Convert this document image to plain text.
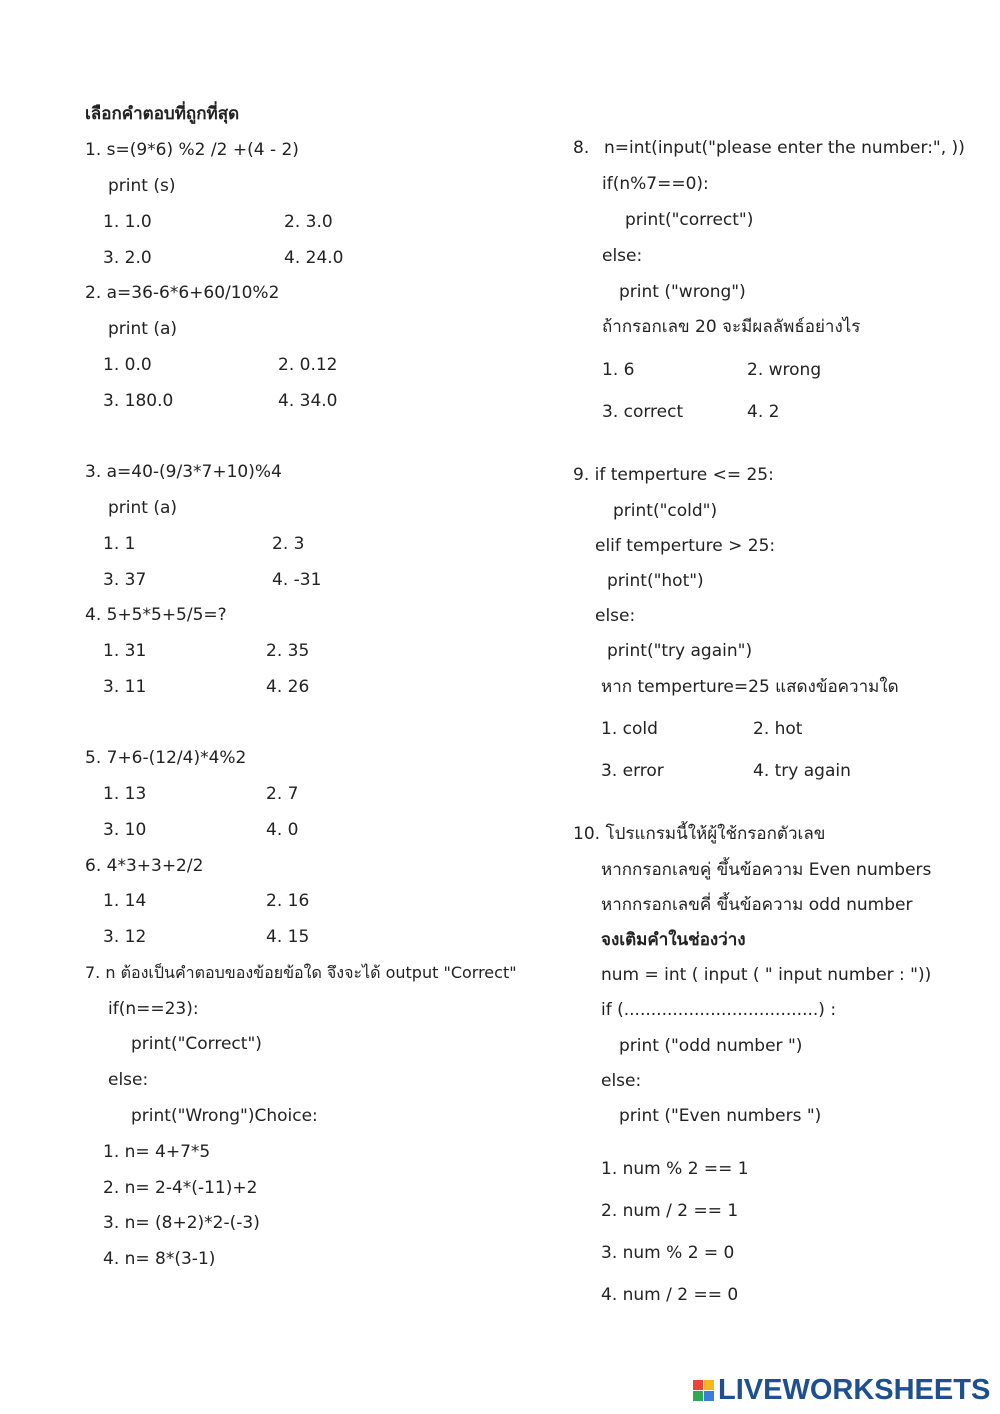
เลือกคำตอบที่ถูกที่สุด
1. s=(9*6) %2 /2 +(4 - 2)
print (s)
1. 1.0	2. 3.0
3. 2.0	4. 24.0
2. a=36-6*6+60/10%2
print (a)
1. 0.0	2. 0.12
3. 180.0	4. 34.0
3. a=40-(9/3*7+10)%4
print (a)
1. 1	2. 3
3. 37	4. -31
4. 5+5*5+5/5=?
1. 31	2. 35
3. 11	4. 26
5. 7+6-(12/4)*4%2
1. 13	2. 7
3. 10	4. 0
6. 4*3+3+2/2
1. 14	2. 16
3. 12	4. 15
7. n ต้องเป็นคำตอบของข้อยข้อใด จึงจะได้ output "Correct"
if(n==23):
print("Correct")
else:
print("Wrong")Choice:
1. n= 4+7*5
2. n= 2-4*(-11)+2
3. n= (8+2)*2-(-3)
4. n= 8*(3-1)
8. n=int(input("please enter the number:", ))
if(n%7==0):
print("correct")
else:
print ("wrong")
ถ้ากรอกเลข 20 จะมีผลลัพธ์อย่างไร
1. 6	2. wrong
3. correct	4. 2
9. if temperture <= 25:
print("cold")
elif temperture > 25:
print("hot")
else:
print("try again")
หาก temperture=25 แสดงข้อความใด
1. cold	2. hot
3. error	4. try again
10. โปรแกรมนี้ให้ผู้ใช้กรอกตัวเลข
หากกรอกเลขคู่ ขึ้นข้อความ Even numbers
หากกรอกเลขคี่ ขึ้นข้อความ odd number
จงเติมคำในช่องว่าง
num = int ( input ( " input number : "))
if (....................................) :
print ("odd number ")
else:
print ("Even numbers ")
1. num % 2 == 1
2. num / 2 == 1
3. num % 2 = 0
4. num / 2 == 0
LIVEWORKSHEETS
